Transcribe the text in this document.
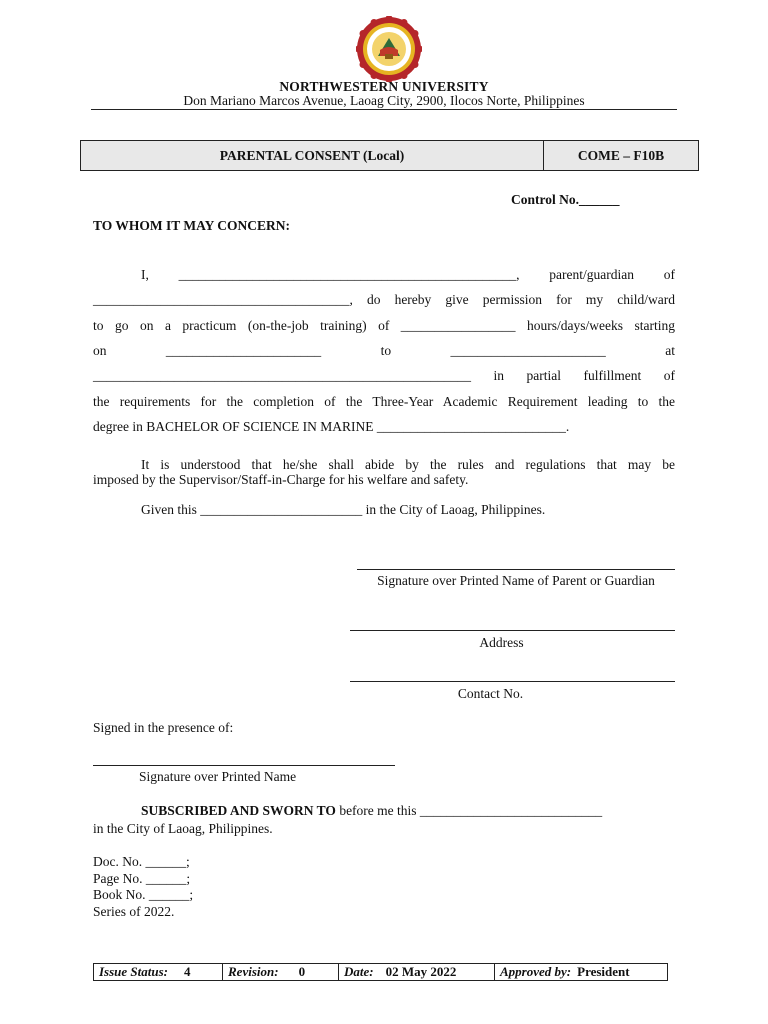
NORTHWESTERN UNIVERSITY
Don Mariano Marcos Avenue, Laoag City, 2900, Ilocos Norte, Philippines
PARENTAL CONSENT (Local)	COME – F10B
Control No.______
TO WHOM IT MAY CONCERN:
I, __________________________________________________, parent/guardian of
______________________________________, do hereby give permission for my child/ward
to go on a practicum (on-the-job training) of _________________ hours/days/weeks starting
on	_______________________	to	_______________________	at
________________________________________________________ in partial fulfillment of
the requirements for the completion of the Three-Year Academic Requirement leading to the
degree in BACHELOR OF SCIENCE IN MARINE ____________________________.
It is understood that he/she shall abide by the rules and regulations that may be
imposed by the Supervisor/Staff-in-Charge for his welfare and safety.
Given this ________________________ in the City of Laoag, Philippines.
Signature over Printed Name of Parent or Guardian
Address
Contact No.
Signed in the presence of:
Signature over Printed Name
SUBSCRIBED AND SWORN TO before me this ___________________________
in the City of Laoag, Philippines.
Doc. No. ______;
Page No. ______;
Book No. ______;
Series of 2022.
Issue Status: 4	Revision: 0	Date: 02 May 2022	Approved by: President
